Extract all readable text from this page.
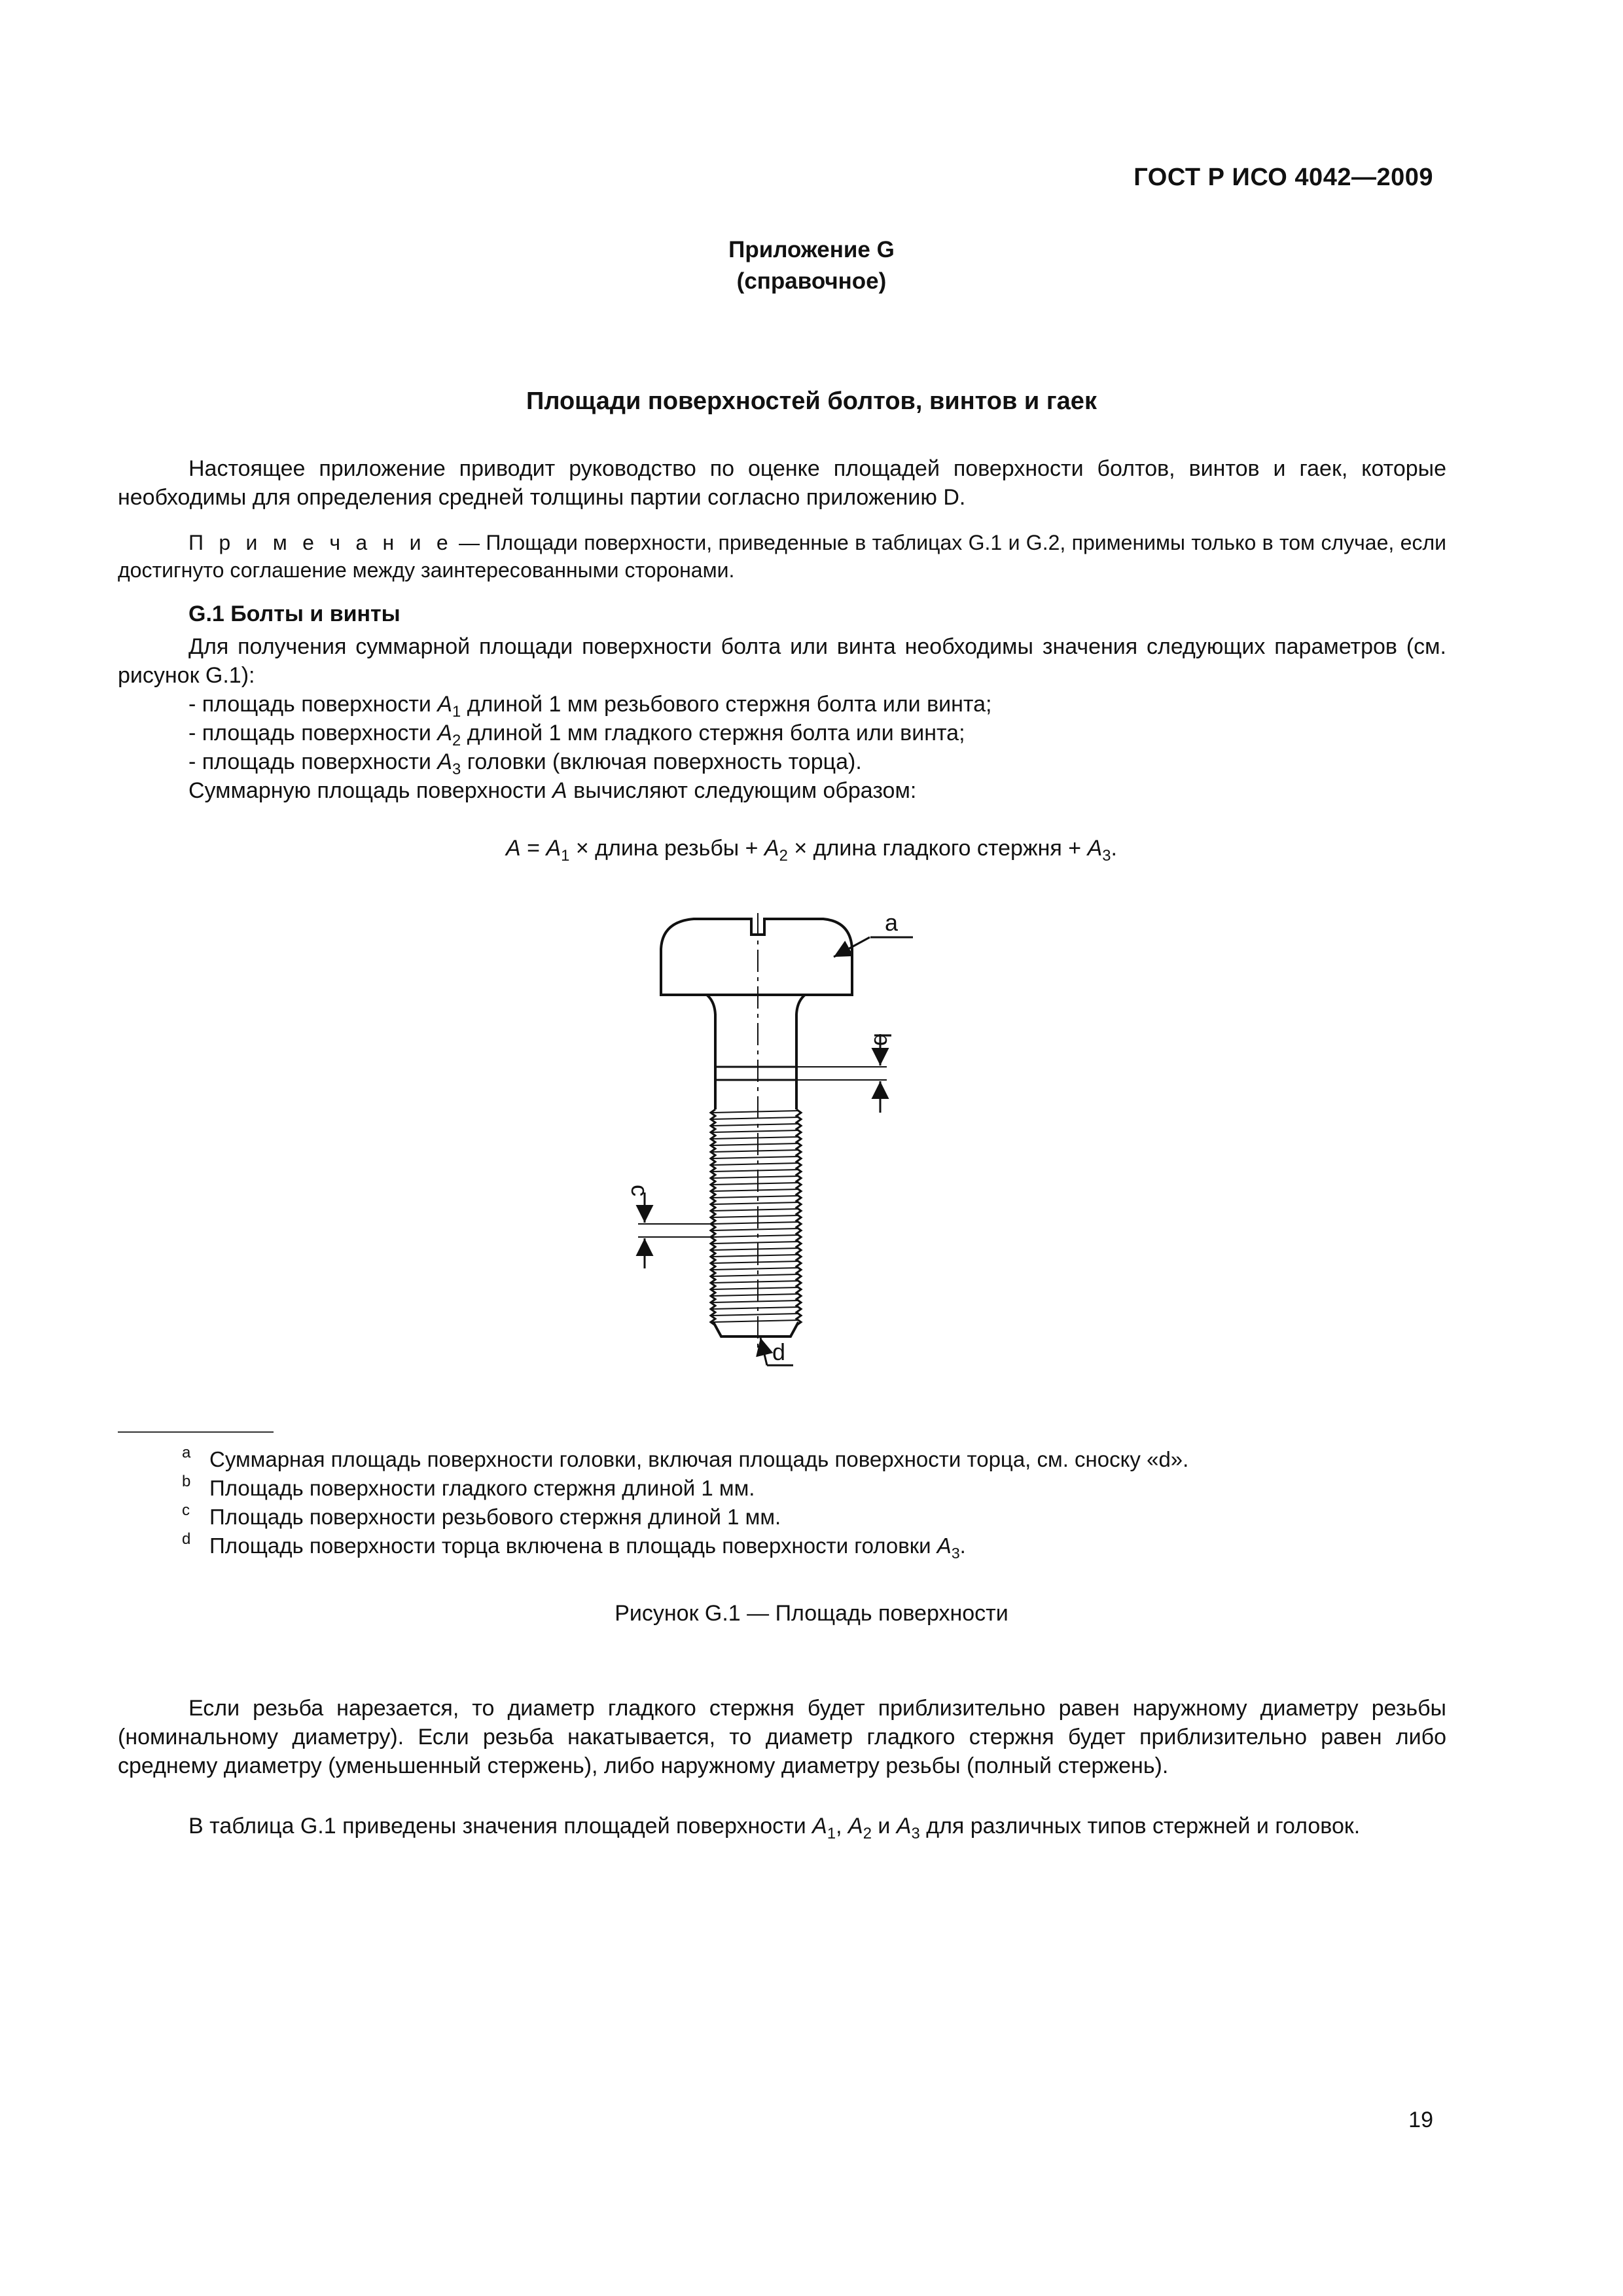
ГОСТ Р ИСО 4042—2009
Приложение G
(справочное)
Площади поверхностей болтов, винтов и гаек

Настоящее приложение приводит руководство по оценке площадей поверхности болтов, винтов и гаек, которые необходимы для определения средней толщины партии согласно приложению D.

П р и м е ч а н и е — Площади поверхности, приведенные в таблицах G.1 и G.2, применимы только в том случае, если достигнуто соглашение между заинтересованными сторонами.

G.1 Болты и винты
Для получения суммарной площади поверхности болта или винта необходимы значения следующих параметров (см. рисунок G.1):
- площадь поверхности $A_1$ длиной 1 мм резьбового стержня болта или винта;
- площадь поверхности $A_2$ длиной 1 мм гладкого стержня болта или винта;
- площадь поверхности $A_3$ головки (включая поверхность торца).
Суммарную площадь поверхности A вычисляют следующим образом:
$A = A_1$ × длина резьбы + $A_2$ × длина гладкого стержня + $A_3$.
a
b
c
d
a Суммарная площадь поверхности головки, включая площадь поверхности торца, см. сноску «d».
b Площадь поверхности гладкого стержня длиной 1 мм.
c Площадь поверхности резьбового стержня длиной 1 мм.
d Площадь поверхности торца включена в площадь поверхности головки $A_3$.
Рисунок G.1 — Площадь поверхности

Если резьба нарезается, то диаметр гладкого стержня будет приблизительно равен наружному диаметру резьбы (номинальному диаметру). Если резьба накатывается, то диаметр гладкого стержня будет приблизительно равен либо среднему диаметру (уменьшенный стержень), либо наружному диаметру резьбы (полный стержень).

В таблица G.1 приведены значения площадей поверхности $A_1$, $A_2$ и $A_3$ для различных типов стержней и головок.

19
